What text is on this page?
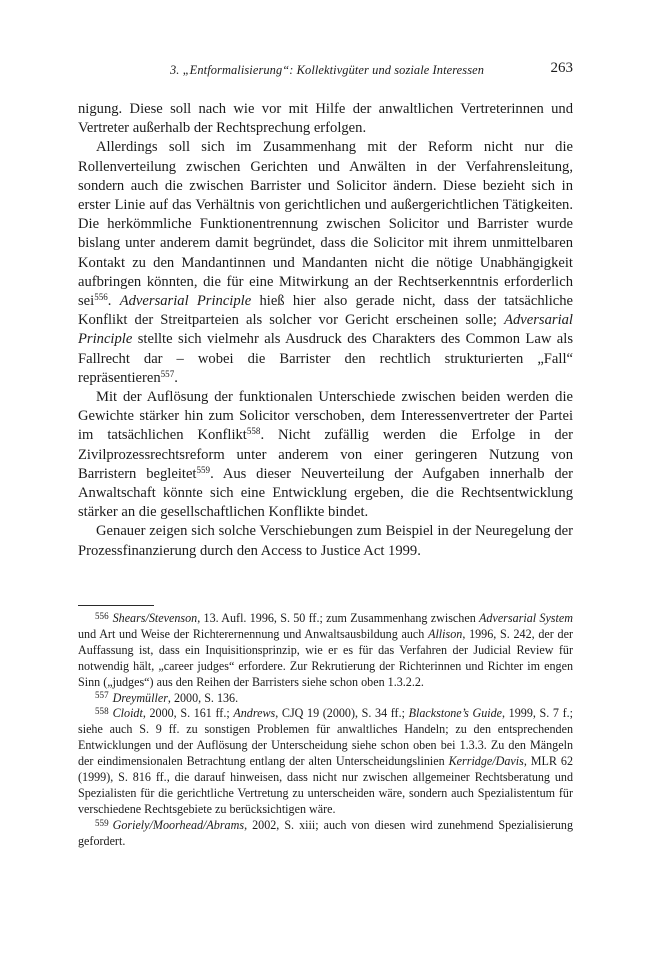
3. „Entformalisierung“: Kollektivgüter und soziale Interessen	263

nigung. Diese soll nach wie vor mit Hilfe der anwaltlichen Vertreterinnen und Vertreter außerhalb der Rechtsprechung erfolgen.

Allerdings soll sich im Zusammenhang mit der Reform nicht nur die Rollenverteilung zwischen Gerichten und Anwälten in der Verfahrensleitung, sondern auch die zwischen Barrister und Solicitor ändern. Diese bezieht sich in erster Linie auf das Verhältnis von gerichtlichen und außergerichtlichen Tätigkeiten. Die herkömmliche Funktionentrennung zwischen Solicitor und Barrister wurde bislang unter anderem damit begründet, dass die Solicitor mit ihrem unmittelbaren Kontakt zu den Mandantinnen und Mandanten nicht die nötige Unabhängigkeit aufbringen könnten, die für eine Mitwirkung an der Rechtserkenntnis erforderlich sei$^{556}$. Adversarial Principle hieß hier also gerade nicht, dass der tatsächliche Konflikt der Streitparteien als solcher vor Gericht erscheinen solle; Adversarial Principle stellte sich vielmehr als Ausdruck des Charakters des Common Law als Fallrecht dar – wobei die Barrister den rechtlich strukturierten „Fall“ repräsentieren$^{557}$.

Mit der Auflösung der funktionalen Unterschiede zwischen beiden werden die Gewichte stärker hin zum Solicitor verschoben, dem Interessenvertreter der Partei im tatsächlichen Konflikt$^{558}$. Nicht zufällig werden die Erfolge in der Zivilprozessrechtsreform unter anderem von einer geringeren Nutzung von Barristern begleitet$^{559}$. Aus dieser Neuverteilung der Aufgaben innerhalb der Anwaltschaft könnte sich eine Entwicklung ergeben, die die Rechtsentwicklung stärker an die gesellschaftlichen Konflikte bindet.

Genauer zeigen sich solche Verschiebungen zum Beispiel in der Neuregelung der Prozessfinanzierung durch den Access to Justice Act 1999.

$^{556}$ Shears/Stevenson, 13. Aufl. 1996, S. 50 ff.; zum Zusammenhang zwischen Adversarial System und Art und Weise der Richterernennung und Anwaltsausbildung auch Allison, 1996, S. 242, der der Auffassung ist, dass ein Inquisitionsprinzip, wie er es für das Verfahren der Judicial Review für notwendig hält, „career judges“ erfordere. Zur Rekrutierung der Richterinnen und Richter im engen Sinn („judges“) aus den Reihen der Barristers siehe schon oben 1.3.2.2.

$^{557}$ Dreymüller, 2000, S. 136.

$^{558}$ Cloidt, 2000, S. 161 ff.; Andrews, CJQ 19 (2000), S. 34 ff.; Blackstone’s Guide, 1999, S. 7 f.; siehe auch S. 9 ff. zu sonstigen Problemen für anwaltliches Handeln; zu den entsprechenden Entwicklungen und der Auflösung der Unterscheidung siehe schon oben bei 1.3.3. Zu den Mängeln der eindimensionalen Betrachtung entlang der alten Unterscheidungslinien Kerridge/Davis, MLR 62 (1999), S. 816 ff., die darauf hinweisen, dass nicht nur zwischen allgemeiner Rechtsberatung und Spezialisten für die gerichtliche Vertretung zu unterscheiden wäre, sondern auch Spezialistentum für verschiedene Rechtsgebiete zu berücksichtigen wäre.

$^{559}$ Goriely/Moorhead/Abrams, 2002, S. xiii; auch von diesen wird zunehmend Spezialisierung gefordert.
